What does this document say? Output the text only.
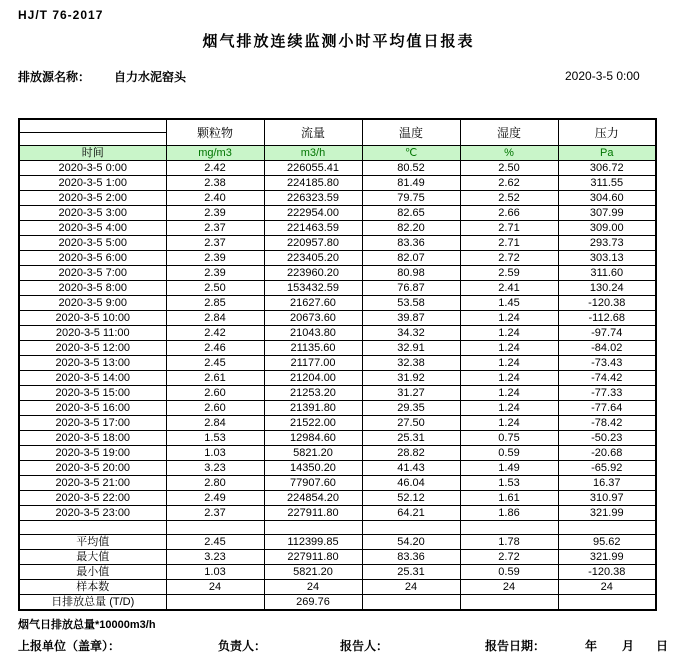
HJ/T 76-2017
烟气排放连续监测小时平均值日报表
排放源名称： 自力水泥窑头	2020-3-5 0:00
	颗粒物	流量	温度	湿度	压力

时间	mg/m3	m3/h	℃	%	Pa
2020-3-5 0:00	2.42	226055.41	80.52	2.50	306.72
2020-3-5 1:00	2.38	224185.80	81.49	2.62	311.55
2020-3-5 2:00	2.40	226323.59	79.75	2.52	304.60
2020-3-5 3:00	2.39	222954.00	82.65	2.66	307.99
2020-3-5 4:00	2.37	221463.59	82.20	2.71	309.00
2020-3-5 5:00	2.37	220957.80	83.36	2.71	293.73
2020-3-5 6:00	2.39	223405.20	82.07	2.72	303.13
2020-3-5 7:00	2.39	223960.20	80.98	2.59	311.60
2020-3-5 8:00	2.50	153432.59	76.87	2.41	130.24
2020-3-5 9:00	2.85	21627.60	53.58	1.45	-120.38
2020-3-5 10:00	2.84	20673.60	39.87	1.24	-112.68
2020-3-5 11:00	2.42	21043.80	34.32	1.24	-97.74
2020-3-5 12:00	2.46	21135.60	32.91	1.24	-84.02
2020-3-5 13:00	2.45	21177.00	32.38	1.24	-73.43
2020-3-5 14:00	2.61	21204.00	31.92	1.24	-74.42
2020-3-5 15:00	2.60	21253.20	31.27	1.24	-77.33
2020-3-5 16:00	2.60	21391.80	29.35	1.24	-77.64
2020-3-5 17:00	2.84	21522.00	27.50	1.24	-78.42
2020-3-5 18:00	1.53	12984.60	25.31	0.75	-50.23
2020-3-5 19:00	1.03	5821.20	28.82	0.59	-20.68
2020-3-5 20:00	3.23	14350.20	41.43	1.49	-65.92
2020-3-5 21:00	2.80	77907.60	46.04	1.53	16.37
2020-3-5 22:00	2.49	224854.20	52.12	1.61	310.97
2020-3-5 23:00	2.37	227911.80	64.21	1.86	321.99

平均值	2.45	112399.85	54.20	1.78	95.62
最大值	3.23	227911.80	83.36	2.72	321.99
最小值	1.03	5821.20	25.31	0.59	-120.38
样本数	24	24	24	24	24
日排放总量 (T/D)		269.76			
烟气日排放总量*10000m3/h
上报单位（盖章）：	负责人：	报告人：	报告日期：	年 月 日
